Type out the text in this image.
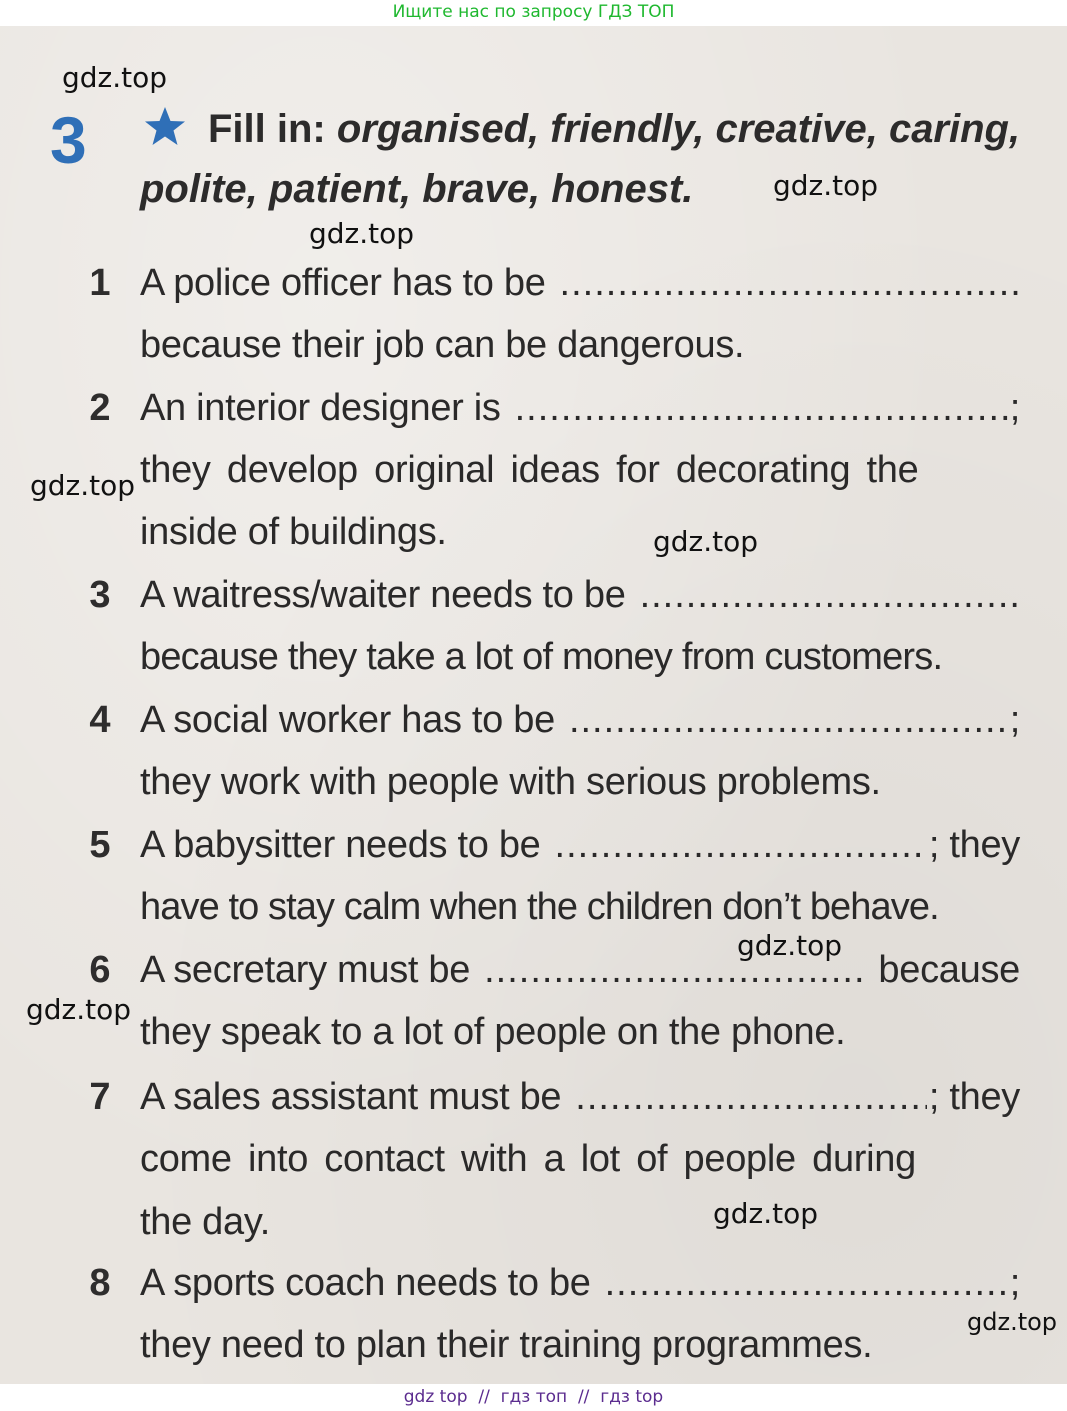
Ищите нас по запросу ГДЗ ТОП
3	Fill in: organised, friendly, creative, caring,
polite, patient, brave, honest.
1 A police officer has to be
.....
because their job can be dangerous.
2 An interior designer is .....	;
they develop original ideas for decorating the
inside of buildings.
3 A waitress/waiter needs to be
.....
because they take a lot of money from customers.
4 A social worker has to be .....	;
they work with people with serious problems.
5 A babysitter needs to be .....	; they
have to stay calm when the children don’t behave.
6 A secretary must be .....	because
they speak to a lot of people on the phone.
7 A sales assistant must be .....	; they
come into contact with a lot of people during
the day.
8 A sports coach needs to be .....	;
they need to plan their training programmes.
gdz.top
gdz.top
gdz.top
gdz.top
gdz.top
gdz.top
gdz.top
gdz.top
gdz.top
gdz top  //  гдз топ  //  гдз top
